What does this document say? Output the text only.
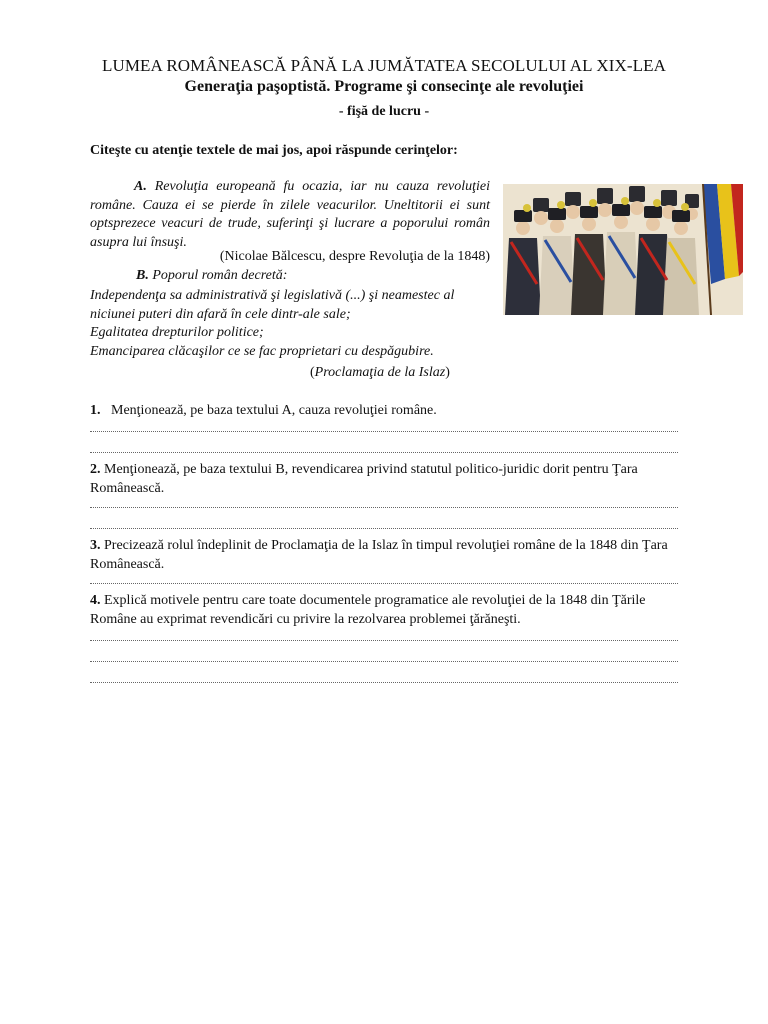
LUMEA ROMÂNEASCĂ PÂNĂ LA JUMĂTATEA SECOLULUI AL XIX-LEA
Generaţia paşoptistă. Programe şi consecinţe ale revoluţiei
- fişă de lucru -
Citeşte cu atenţie textele de mai jos, apoi răspunde cerinţelor:
A. Revoluţia europeană fu ocazia, iar nu cauza revoluţiei române. Cauza ei se pierde în zilele veacurilor. Uneltitorii ei sunt optsprezece veacuri de trude, suferinţi şi lucrare a poporului român asupra lui însuşi.
(Nicolae Bălcescu, despre Revoluţia de la 1848)
B. Poporul român decretă:
Independenţa sa administrativă şi legislativă (...) şi neamestec al
niciunei puteri din afară în cele dintr-ale sale;
Egalitatea drepturilor politice;
Emanciparea clăcaşilor ce se fac proprietari cu despăgubire.
(Proclamaţia de la Islaz)
1. Menţionează, pe baza textului A, cauza revoluţiei române.
2. Menţionează, pe baza textului B, revendicarea privind statutul politico-juridic dorit pentru Ţara Românească.
3. Precizează rolul îndeplinit de Proclamaţia de la Islaz în timpul revoluţiei române de la 1848 din Ţara Românească.
4. Explică motivele pentru care toate documentele programatice ale revoluţiei de la 1848 din Ţările Române au exprimat revendicări cu privire la rezolvarea problemei ţărăneşti.
